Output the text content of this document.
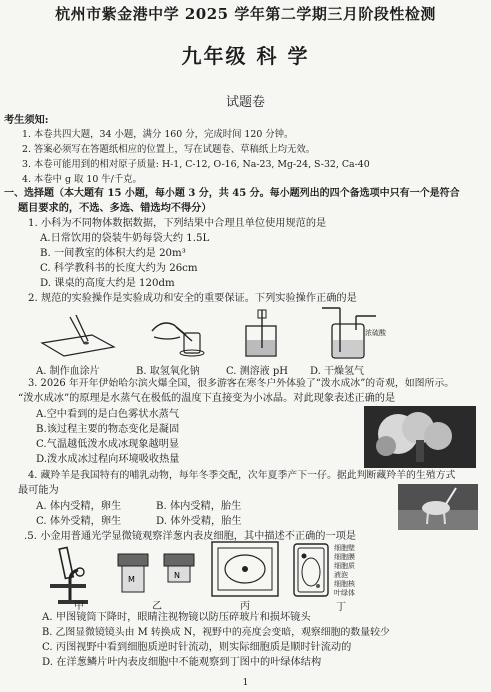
杭州市紫金港中学 2025 学年第二学期三月阶段性检测
九年级 科 学
试题卷
考生须知:
1. 本卷共四大题，34 小题，满分 160 分，完成时间 120 分钟。
2. 答案必须写在答题纸相应的位置上，写在试题卷、草稿纸上均无效。
3. 本卷可能用到的相对原子质量: H-1, C-12, O-16, Na-23, Mg-24, S-32, Ca-40
4. 本卷中 g 取 10 牛/千克。
一、选择题（本大题有 15 小题，每小题 3 分，共 45 分。每小题列出的四个备选项中只有一个是符合
题目要求的，不选、多选、错选均不得分）
1. 小科为不同物体数据数据，下列结果中合理且单位使用规范的是
A.日常饮用的袋装牛奶每袋大约 1.5L
B. 一间教室的体积大约是 20m³
C. 科学教科书的长度大约为 26cm
D. 课桌的高度大约是 120dm
2. 规范的实验操作是实验成功和安全的重要保证。下列实验操作正确的是
浓硫酸
A. 制作血涂片	B. 取氢氧化钠	C. 测溶液 pH D. 干燥氢气
3. 2026 年开年伊始哈尔滨火爆全国，很多游客在寒冬户外体验了“泼水成冰”的奇观，如图所示。
“泼水成冰”的原理是水蒸气在极低的温度下直接变为小冰晶。对此现象表述正确的是
A.空中看到的是白色雾状水蒸气
B.该过程主要的物态变化是凝固
C.气温越低泼水成冰现象越明显
D.泼水成冰过程向环境吸收热量
4. 藏羚羊是我国特有的哺乳动物，每年冬季交配，次年夏季产下一仔。据此判断藏羚羊的生殖方式
最可能为
A. 体内受精，卵生	B. 体内受精，胎生
C. 体外受精，卵生	D. 体外受精，胎生
.5. 小金用普通光学显微镜观察洋葱内表皮细胞，其中描述不正确的一项是
甲
M	N
乙	丙
细胞壁
细胞膜
细胞质
液泡
细胞核
叶绿体
丁
A. 甲图镜筒下降时，眼睛注视物镜以防压碎玻片和损坏镜头
B. 乙图显微镜镜头由 M 转换成 N，视野中的亮度会变暗，观察细胞的数量较少
C. 丙图视野中看到细胞质逆时针流动，则实际细胞质是顺时针流动的
D. 在洋葱鳞片叶内表皮细胞中不能观察到丁图中的叶绿体结构
1
